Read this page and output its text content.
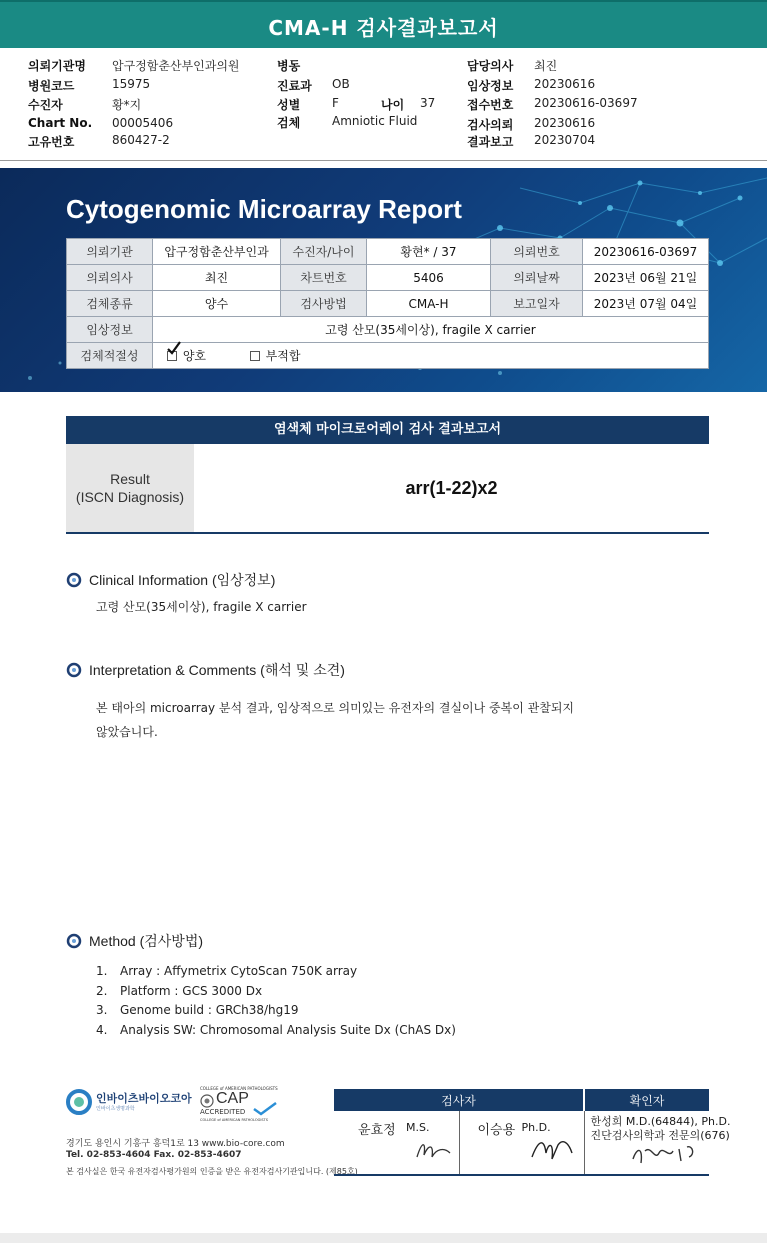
CMA-H 검사결과보고서
의뢰기관명 압구정함춘산부인과의원	병동	담당의사 최진
병원코드	15975	진료과 OB	임상정보 20230616
수진자	황*지	성별	F	나이 37	접수번호 20230616-03697
Chart No. 00005406	검체	Amniotic Fluid	검사의뢰 20230616
고유번호	860427-2	결과보고 20230704
Cytogenomic Microarray Report
의뢰기관	압구정함춘산부인과	수진자/나이	황현* / 37	의뢰번호	20230616-03697
의뢰의사	최진	차트번호	5406	의뢰날짜	2023년 06월 21일
검체종류	양수	검사방법	CMA-H	보고일자	2023년 07월 04일
임상정보	고령 산모(35세이상), fragile X carrier				
검체적절성	양호 부적합				
염색체 마이크로어레이 검사 결과보고서
Result
(ISCN Diagnosis)	arr(1-22)x2
Clinical Information (임상정보)
고령 산모(35세이상), fragile X carrier
Interpretation & Comments (해석 및 소견)
본 태아의 microarray 분석 결과, 임상적으로 의미있는 유전자의 결실이나 중복이 관찰되지
않았습니다.
Method (검사방법)
1. Array : Affymetrix CytoScan 750K array
2. Platform : GCS 3000 Dx
3. Genome build : GRCh38/hg19
4. Analysis SW: Chromosomal Analysis Suite Dx (ChAS Dx)
인바이츠바이오코아
인바이츠생명과학
COLLEGE of AMERICAN PATHOLOGISTS
CAP
ACCREDITED
COLLEGE of AMERICAN PATHOLOGISTS
경기도 용인시 기흥구 흥덕1로 13 www.bio-core.com
Tel. 02-853-4604 Fax. 02-853-4607
본 검사실은 한국 유전자검사평가원의 인증을 받은 유전자검사기관입니다. (제85호)
검사자		확인자

윤효정 M.S.	이승용 Ph.D.	한성희 M.D.(64844), Ph.D.
진단검사의학과 전문의(676)
